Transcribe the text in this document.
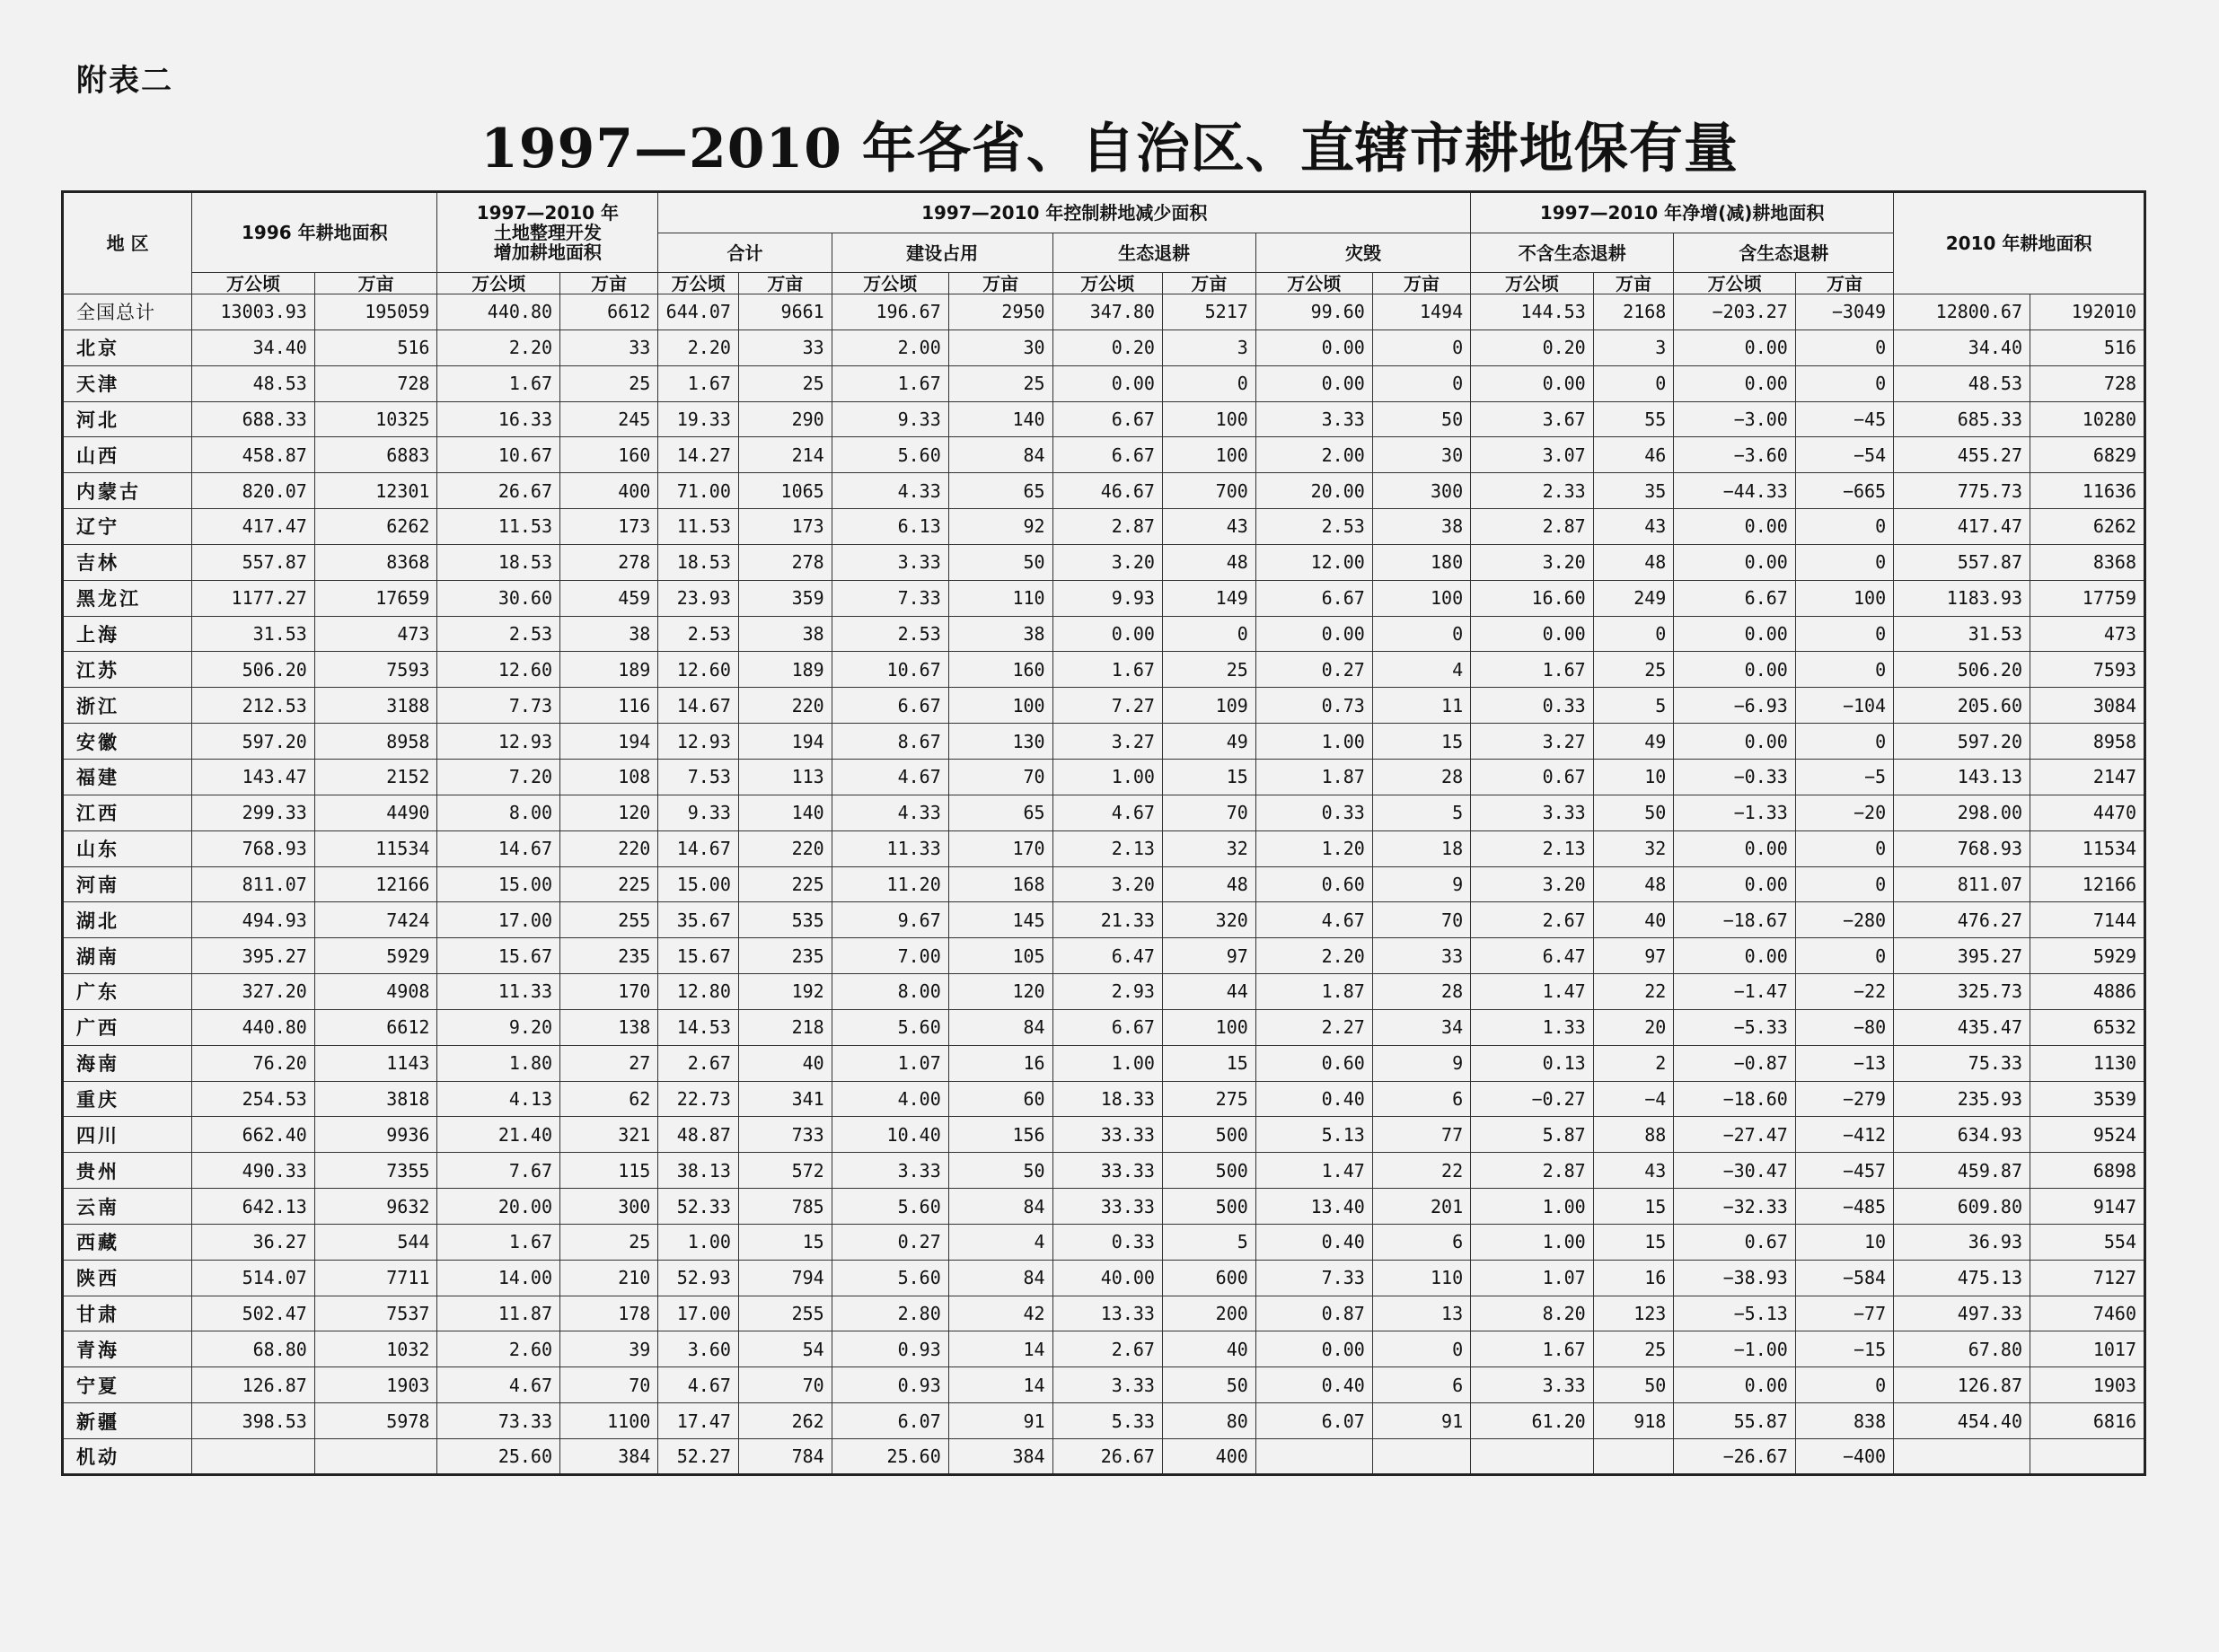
附表二
1997—2010 年各省、自治区、直辖市耕地保有量
地 区	1996 年耕地面积		1997—2010 年
土地整理开发
增加耕地面积		1997—2010 年控制耕地减少面积								1997—2010 年净增(减)耕地面积				2010 年耕地面积	
					合计		建设占用		生态退耕		灾毁		不含生态退耕		含生态退耕			
	万公顷	万亩	万公顷	万亩	万公顷	万亩	万公顷	万亩	万公顷	万亩	万公顷	万亩	万公顷	万亩	万公顷	万亩		
全国总计	13003.93	195059	440.80	6612	644.07	9661	196.67	2950	347.80	5217	99.60	1494	144.53	2168	−203.27	−3049	12800.67	192010
北京	34.40	516	2.20	33	2.20	33	2.00	30	0.20	3	0.00	0	0.20	3	0.00	0	34.40	516
天津	48.53	728	1.67	25	1.67	25	1.67	25	0.00	0	0.00	0	0.00	0	0.00	0	48.53	728
河北	688.33	10325	16.33	245	19.33	290	9.33	140	6.67	100	3.33	50	3.67	55	−3.00	−45	685.33	10280
山西	458.87	6883	10.67	160	14.27	214	5.60	84	6.67	100	2.00	30	3.07	46	−3.60	−54	455.27	6829
内蒙古	820.07	12301	26.67	400	71.00	1065	4.33	65	46.67	700	20.00	300	2.33	35	−44.33	−665	775.73	11636
辽宁	417.47	6262	11.53	173	11.53	173	6.13	92	2.87	43	2.53	38	2.87	43	0.00	0	417.47	6262
吉林	557.87	8368	18.53	278	18.53	278	3.33	50	3.20	48	12.00	180	3.20	48	0.00	0	557.87	8368
黑龙江	1177.27	17659	30.60	459	23.93	359	7.33	110	9.93	149	6.67	100	16.60	249	6.67	100	1183.93	17759
上海	31.53	473	2.53	38	2.53	38	2.53	38	0.00	0	0.00	0	0.00	0	0.00	0	31.53	473
江苏	506.20	7593	12.60	189	12.60	189	10.67	160	1.67	25	0.27	4	1.67	25	0.00	0	506.20	7593
浙江	212.53	3188	7.73	116	14.67	220	6.67	100	7.27	109	0.73	11	0.33	5	−6.93	−104	205.60	3084
安徽	597.20	8958	12.93	194	12.93	194	8.67	130	3.27	49	1.00	15	3.27	49	0.00	0	597.20	8958
福建	143.47	2152	7.20	108	7.53	113	4.67	70	1.00	15	1.87	28	0.67	10	−0.33	−5	143.13	2147
江西	299.33	4490	8.00	120	9.33	140	4.33	65	4.67	70	0.33	5	3.33	50	−1.33	−20	298.00	4470
山东	768.93	11534	14.67	220	14.67	220	11.33	170	2.13	32	1.20	18	2.13	32	0.00	0	768.93	11534
河南	811.07	12166	15.00	225	15.00	225	11.20	168	3.20	48	0.60	9	3.20	48	0.00	0	811.07	12166
湖北	494.93	7424	17.00	255	35.67	535	9.67	145	21.33	320	4.67	70	2.67	40	−18.67	−280	476.27	7144
湖南	395.27	5929	15.67	235	15.67	235	7.00	105	6.47	97	2.20	33	6.47	97	0.00	0	395.27	5929
广东	327.20	4908	11.33	170	12.80	192	8.00	120	2.93	44	1.87	28	1.47	22	−1.47	−22	325.73	4886
广西	440.80	6612	9.20	138	14.53	218	5.60	84	6.67	100	2.27	34	1.33	20	−5.33	−80	435.47	6532
海南	76.20	1143	1.80	27	2.67	40	1.07	16	1.00	15	0.60	9	0.13	2	−0.87	−13	75.33	1130
重庆	254.53	3818	4.13	62	22.73	341	4.00	60	18.33	275	0.40	6	−0.27	−4	−18.60	−279	235.93	3539
四川	662.40	9936	21.40	321	48.87	733	10.40	156	33.33	500	5.13	77	5.87	88	−27.47	−412	634.93	9524
贵州	490.33	7355	7.67	115	38.13	572	3.33	50	33.33	500	1.47	22	2.87	43	−30.47	−457	459.87	6898
云南	642.13	9632	20.00	300	52.33	785	5.60	84	33.33	500	13.40	201	1.00	15	−32.33	−485	609.80	9147
西藏	36.27	544	1.67	25	1.00	15	0.27	4	0.33	5	0.40	6	1.00	15	0.67	10	36.93	554
陕西	514.07	7711	14.00	210	52.93	794	5.60	84	40.00	600	7.33	110	1.07	16	−38.93	−584	475.13	7127
甘肃	502.47	7537	11.87	178	17.00	255	2.80	42	13.33	200	0.87	13	8.20	123	−5.13	−77	497.33	7460
青海	68.80	1032	2.60	39	3.60	54	0.93	14	2.67	40	0.00	0	1.67	25	−1.00	−15	67.80	1017
宁夏	126.87	1903	4.67	70	4.67	70	0.93	14	3.33	50	0.40	6	3.33	50	0.00	0	126.87	1903
新疆	398.53	5978	73.33	1100	17.47	262	6.07	91	5.33	80	6.07	91	61.20	918	55.87	838	454.40	6816
机动			25.60	384	52.27	784	25.60	384	26.67	400					−26.67	−400		
